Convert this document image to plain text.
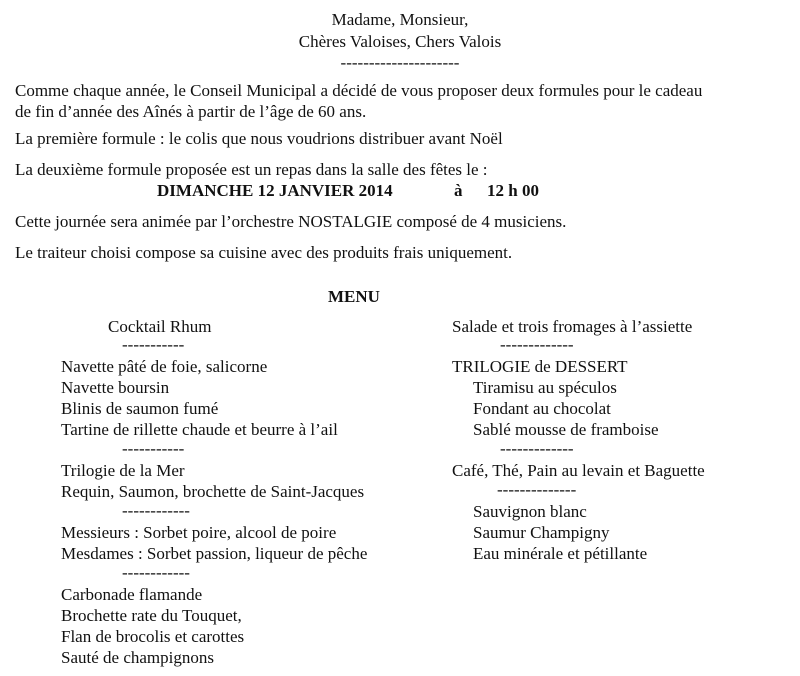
Madame, Monsieur,
Chères Valoises, Chers Valois
---------------------
Comme chaque année, le Conseil Municipal a décidé de vous proposer deux formules pour le cadeau
de fin d’année des Aînés à partir de l’âge de 60 ans.
La première formule : le colis que nous voudrions distribuer avant Noël
La deuxième formule proposée est un repas dans la salle des fêtes le :
DIMANCHE 12 JANVIER 2014	à 12 h 00
Cette journée sera animée par l’orchestre NOSTALGIE composé de 4 musiciens.
Le traiteur choisi compose sa cuisine avec des produits frais uniquement.
MENU
Cocktail Rhum
-----------
Navette pâté de foie, salicorne
Navette boursin
Blinis de saumon fumé
Tartine de rillette chaude et beurre à l’ail
-----------
Trilogie de la Mer
Requin, Saumon, brochette de Saint-Jacques
------------
Messieurs : Sorbet poire, alcool de poire
Mesdames : Sorbet passion, liqueur de pêche
------------
Carbonade flamande
Brochette rate du Touquet,
Flan de brocolis et carottes
Sauté de champignons
Salade et trois fromages à l’assiette
-------------
TRILOGIE de DESSERT
Tiramisu au spéculos
Fondant au chocolat
Sablé mousse de framboise
-------------
Café, Thé, Pain au levain et Baguette
--------------
Sauvignon blanc
Saumur Champigny
Eau minérale et pétillante
